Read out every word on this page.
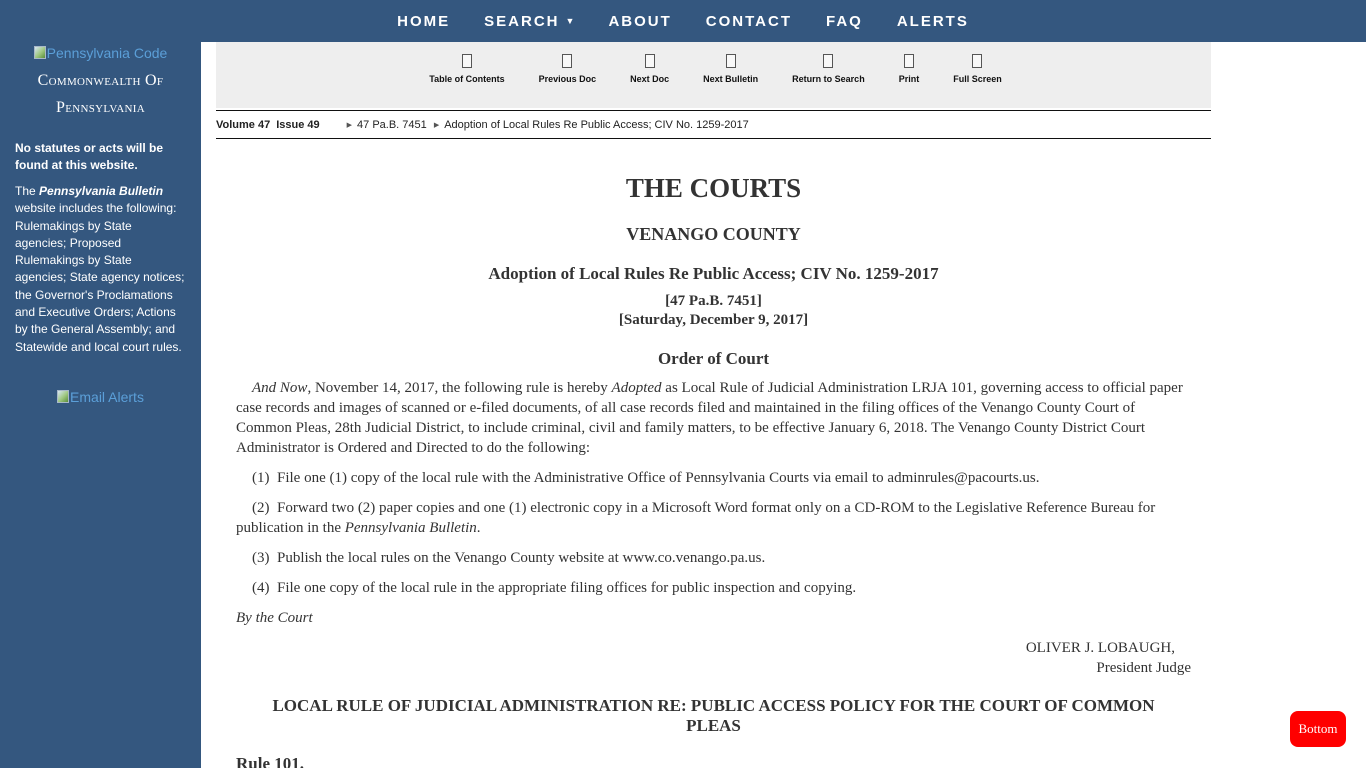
HOME SEARCH ▼ ABOUT CONTACT FAQ ALERTS
Pennsylvania Code
Commonwealth Of
Pennsylvania
No statutes or acts will be found at this website.
The Pennsylvania Bulletin website includes the following: Rulemakings by State agencies; Proposed Rulemakings by State agencies; State agency notices; the Governor's Proclamations and Executive Orders; Actions by the General Assembly; and Statewide and local court rules.
Email Alerts
Table of Contents	Previous Doc	Next Doc	Next Bulletin	Return to Search	Print	Full Screen
Volume 47 Issue 49	▶ 47 Pa.B. 7451 ▶ Adoption of Local Rules Re Public Access; CIV No. 1259-2017
THE COURTS
VENANGO COUNTY
Adoption of Local Rules Re Public Access; CIV No. 1259-2017
[47 Pa.B. 7451]
[Saturday, December 9, 2017]
Order of Court

And Now, November 14, 2017, the following rule is hereby Adopted as Local Rule of Judicial Administration LRJA 101, governing access to official paper case records and images of scanned or e-filed documents, of all case records filed and maintained in the filing offices of the Venango County Court of Common Pleas, 28th Judicial District, to include criminal, civil and family matters, to be effective January 6, 2018. The Venango County District Court Administrator is Ordered and Directed to do the following:

(1)  File one (1) copy of the local rule with the Administrative Office of Pennsylvania Courts via email to adminrules@pacourts.us.

(2)  Forward two (2) paper copies and one (1) electronic copy in a Microsoft Word format only on a CD-ROM to the Legislative Reference Bureau for publication in the Pennsylvania Bulletin.

(3)  Publish the local rules on the Venango County website at www.co.venango.pa.us.

(4)  File one copy of the local rule in the appropriate filing offices for public inspection and copying.

By the Court

OLIVER J. LOBAUGH,
President Judge
LOCAL RULE OF JUDICIAL ADMINISTRATION RE: PUBLIC ACCESS POLICY FOR THE COURT OF COMMON PLEAS
Rule 101.
Bottom
